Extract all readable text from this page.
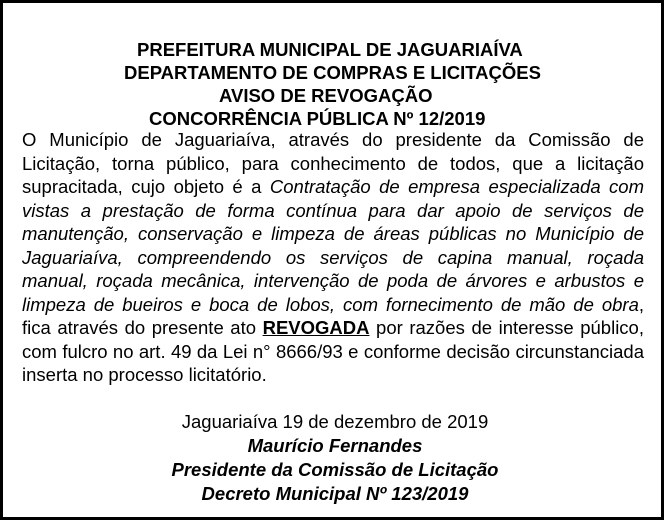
PREFEITURA MUNICIPAL DE JAGUARIAÍVA
DEPARTAMENTO DE COMPRAS E LICITAÇÕES
AVISO DE REVOGAÇÃO
CONCORRÊNCIA PÚBLICA Nº 12/2019
O Município de Jaguariaíva, através do presidente da Comissão de Licitação, torna público, para conhecimento de todos, que a licitação supracitada, cujo objeto é a Contratação de empresa especializada com vistas a prestação de forma contínua para dar apoio de serviços de manutenção, conservação e limpeza de áreas públicas no Município de Jaguariaíva, compreendendo os serviços de capina manual, roçada manual, roçada mecânica, intervenção de poda de árvores e arbustos e limpeza de bueiros e boca de lobos, com fornecimento de mão de obra, fica através do presente ato REVOGADA por razões de interesse público, com fulcro no art. 49 da Lei n° 8666/93 e conforme decisão circunstanciada inserta no processo licitatório.
Jaguariaíva 19 de dezembro de 2019
Maurício Fernandes
Presidente da Comissão de Licitação
Decreto Municipal Nº 123/2019
